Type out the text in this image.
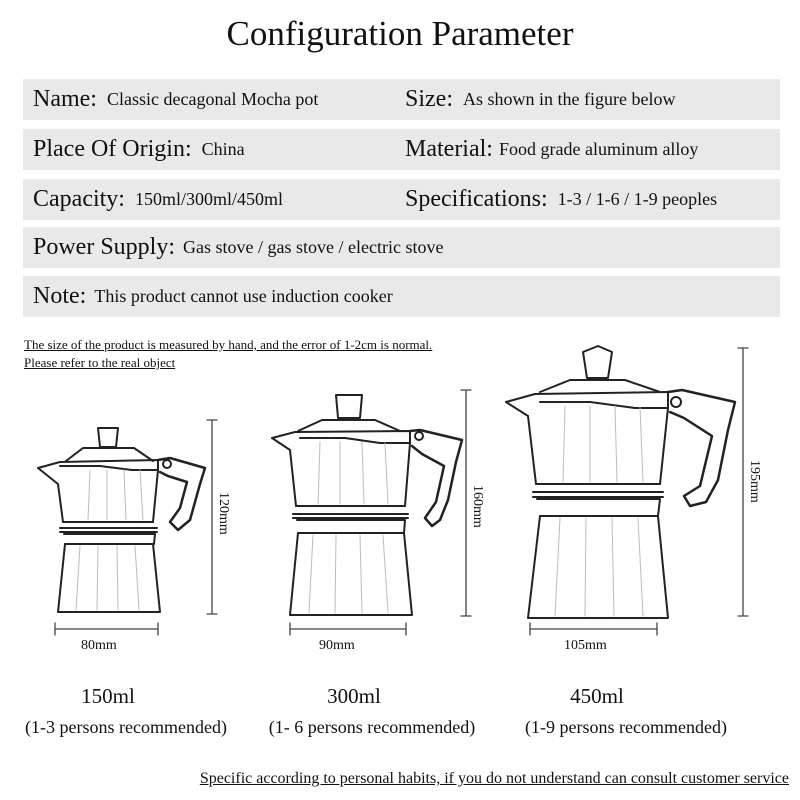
Configuration Parameter
Name: Classic decagonal Mocha pot	Size: As shown in the figure below
Place Of Origin: China	Material: Food grade aluminum alloy
Capacity: 150ml/300ml/450ml	Specifications: 1-3 / 1-6 / 1-9 peoples
Power Supply: Gas stove / gas stove / electric stove
Note: This product cannot use induction cooker
The size of the product is measured by hand, and the error of 1-2cm is normal.
Please refer to the real object
80mm	90mm	105mm
120mm	160mm
195mm
150ml	300ml	450ml
(1-3 persons recommended)	(1- 6 persons recommended)	(1-9 persons recommended)
Specific according to personal habits, if you do not understand can consult customer service
